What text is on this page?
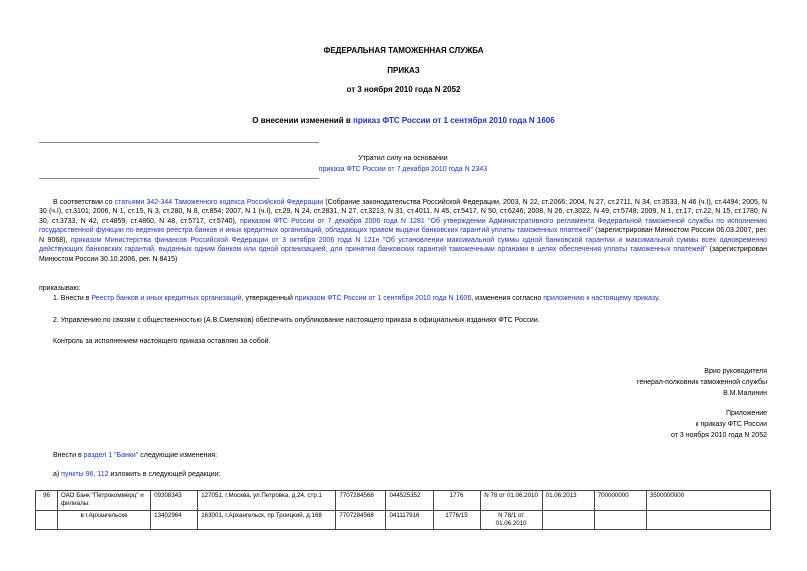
ФЕДЕРАЛЬНАЯ ТАМОЖЕННАЯ СЛУЖБА
ПРИКАЗ
от 3 ноября 2010 года N 2052
О внесении изменений в приказ ФТС России от 1 сентября 2010 года N 1606
Утратил силу на основании
приказа ФТС России от 7 декабря 2010 года N 2343
В соответствии со статьями 342-344 Таможенного кодекса Российской Федерации (Собрание законодательства Российской Федерации, 2003, N 22, ст.2066; 2004, N 27, ст.2711, N 34, ст.3533, N 46 (ч.I), ст.4494; 2005, N 30 (ч.I), ст.3101; 2006, N 1, ст.15, N 3, ст.280, N 8, ст.854; 2007, N 1 (ч.I), ст.29, N 24, ст.2831, N 27, ст.3213, N 31, ст.4011, N 45, ст.5417, N 50, ст.6246; 2008, N 26, ст.3022, N 49, ст.5748; 2009, N 1, ст.17, ст.22, N 15, ст.1780, N 30, ст.3733, N 42, ст.4859, ст.4860, N 48, ст.5717, ст.5740), приказом ФТС России от 7 декабря 2006 года N 1281 "Об утверждении Административного регламента Федеральной таможенной службы по исполнению государственной функции по ведению реестра банков и иных кредитных организаций, обладающих правом выдачи банковских гарантий уплаты таможенных платежей" (зарегистрирован Минюстом России 06.03.2007, рег. N 9068), приказом Министерства финансов Российской Федерации от 3 октября 2006 года N 121н "Об установлении максимальной суммы одной банковской гарантии и максимальной суммы всех одновременно действующих банковских гарантий, выданных одним банком или одной организацией, для принятия банковских гарантий таможенными органами в целях обеспечения уплаты таможенных платежей" (зарегистрирован Минюстом России 30.10.2006, рег. N 8415)
приказываю:
1. Внести в Реестр банков и иных кредитных организаций, утвержденный приказом ФТС России от 1 сентября 2010 года N 1606, изменения согласно приложению к настоящему приказу.
2. Управлению по связям с общественностью (А.В.Смеляков) обеспечить опубликование настоящего приказа в официальных изданиях ФТС России.
Контроль за исполнением настоящего приказа оставляю за собой.
Врио руководителя
генерал-полковник таможенной службы
В.М.Малинин
Приложение
к приказу ФТС России
от 3 ноября 2010 года N 2052
Внести в раздел 1 "Банки" следующие изменения:
а) пункты 96, 112 изложить в следующей редакции:
96	ОАО Банк "Петрокоммерц" и филиалы:	09308343	127051, г.Москва, ул.Петровка, д.24, стр.1	7707284568	044525352	1776	N 78 от 01.06.2010	01.06.2013	700000000	3500000000
	в г.Архангельске	13402964	163001, г.Архангельск, пр.Троицкий, д.168	7707284568	041117916	1776/15	N 78/1 от 01.06.2010			
